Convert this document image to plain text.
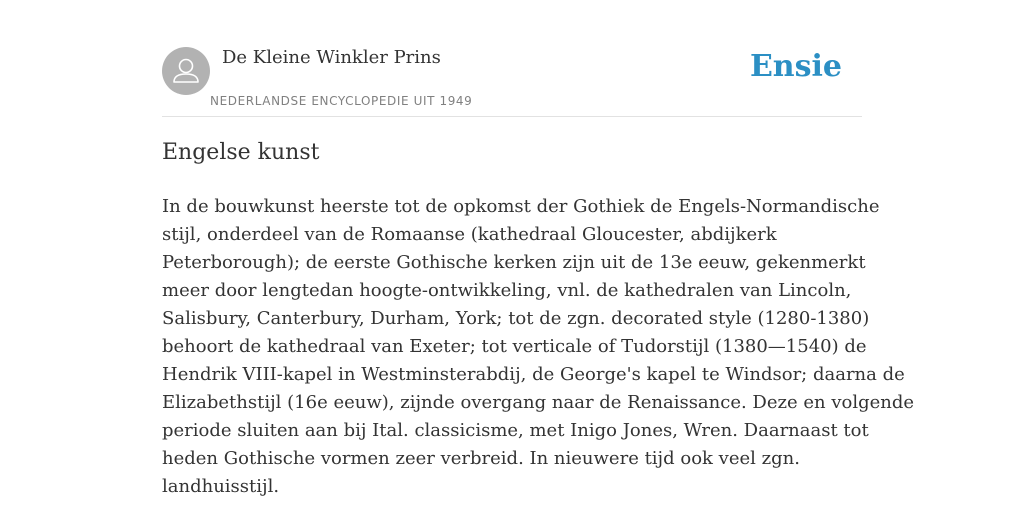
De Kleine Winkler Prins
NEDERLANDSE ENCYCLOPEDIE UIT 1949
Ensie
Engelse kunst
In de bouwkunst heerste tot de opkomst der Gothiek de Engels-Normandische
stijl, onderdeel van de Romaanse (kathedraal Gloucester, abdijkerk
Peterborough); de eerste Gothische kerken zijn uit de 13e eeuw, gekenmerkt
meer door lengtedan hoogte-ontwikkeling, vnl. de kathedralen van Lincoln,
Salisbury, Canterbury, Durham, York; tot de zgn. decorated style (1280-1380)
behoort de kathedraal van Exeter; tot verticale of Tudorstijl (1380—1540) de
Hendrik VIII-kapel in Westminsterabdij, de George's kapel te Windsor; daarna de
Elizabethstijl (16e eeuw), zijnde overgang naar de Renaissance. Deze en volgende
periode sluiten aan bij Ital. classicisme, met Inigo Jones, Wren. Daarnaast tot
heden Gothische vormen zeer verbreid. In nieuwere tijd ook veel zgn.
landhuisstijl.
